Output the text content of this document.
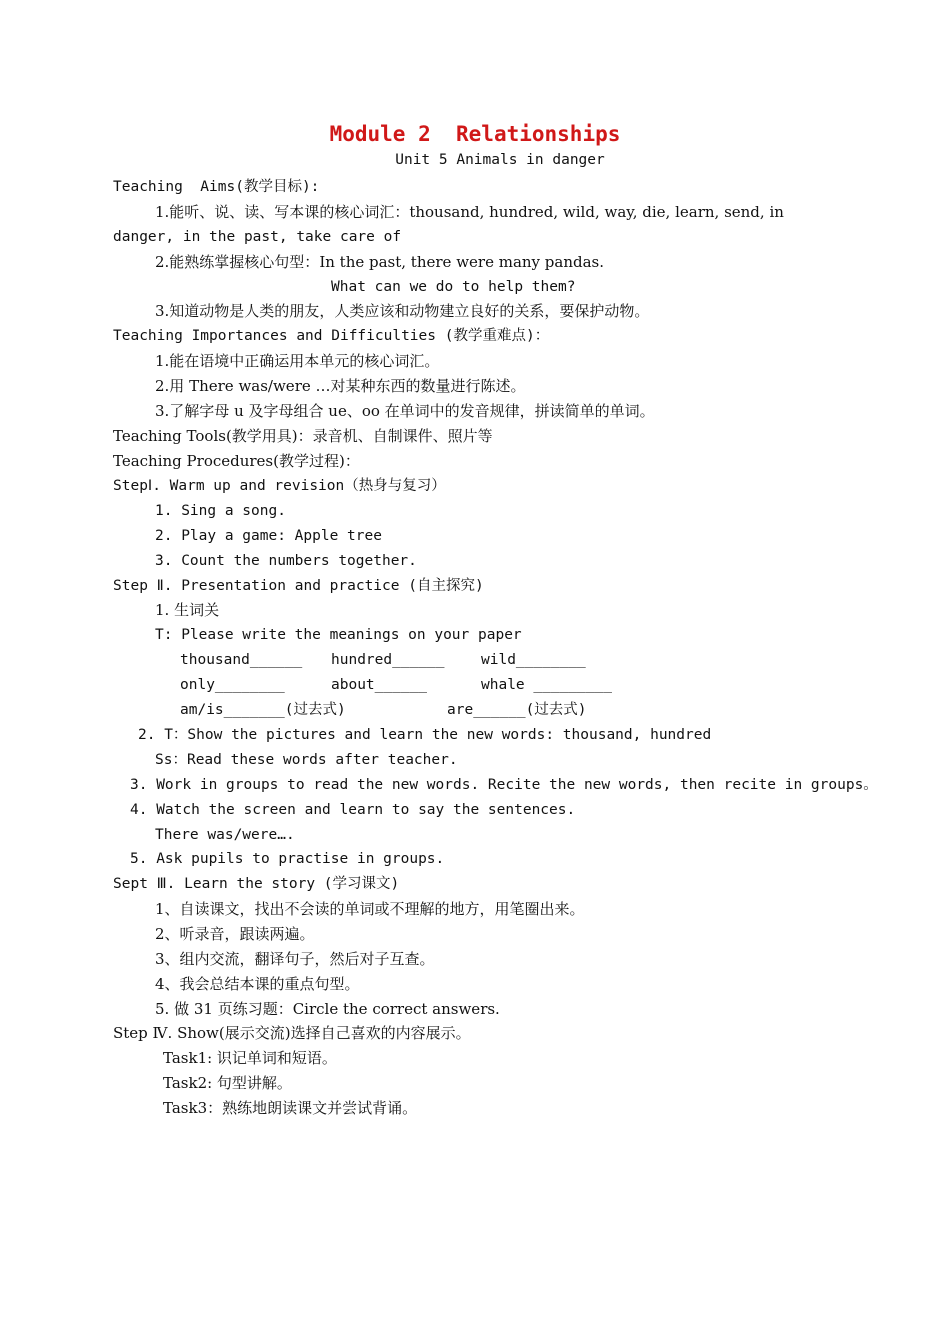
Module 2  Relationships
Unit 5 Animals in danger
Teaching  Aims(教学目标):
1.能听、说、读、写本课的核心词汇：thousand, hundred, wild, way, die, learn, send, in
danger, in the past, take care of
2.能熟练掌握核心句型：In the past, there were many pandas.
What can we do to help them?
3.知道动物是人类的朋友，人类应该和动物建立良好的关系，要保护动物。
Teaching Importances and Difficulties (教学重难点)：
1.能在语境中正确运用本单元的核心词汇。
2.用 There was/were …对某种东西的数量进行陈述。
3.了解字母 u 及字母组合 ue、oo 在单词中的发音规律，拼读简单的单词。
Teaching Tools(教学用具)：录音机、自制课件、照片等
Teaching Procedures(教学过程)：
StepⅠ. Warm up and revision（热身与复习）
1. Sing a song.
2. Play a game: Apple tree
3. Count the numbers together.
Step Ⅱ. Presentation and practice (自主探究)
1. 生词关
T: Please write the meanings on your paper
thousand______ hundred______	wild________
only________	about______	whale _________
am/is_______(过去式)	are______(过去式)
2. T：Show the pictures and learn the new words: thousand, hundred
Ss：Read these words after teacher.
3. Work in groups to read the new words. Recite the new words, then recite in groups。
4. Watch the screen and learn to say the sentences.
There was/were….
5. Ask pupils to practise in groups.
Sept Ⅲ. Learn the story (学习课文)
1、自读课文，找出不会读的单词或不理解的地方，用笔圈出来。
2、听录音，跟读两遍。
3、组内交流，翻译句子，然后对子互查。
4、我会总结本课的重点句型。
5. 做 31 页练习题：Circle the correct answers.
Step Ⅳ. Show(展示交流)选择自己喜欢的内容展示。
Task1: 识记单词和短语。
Task2: 句型讲解。
Task3：熟练地朗读课文并尝试背诵。
